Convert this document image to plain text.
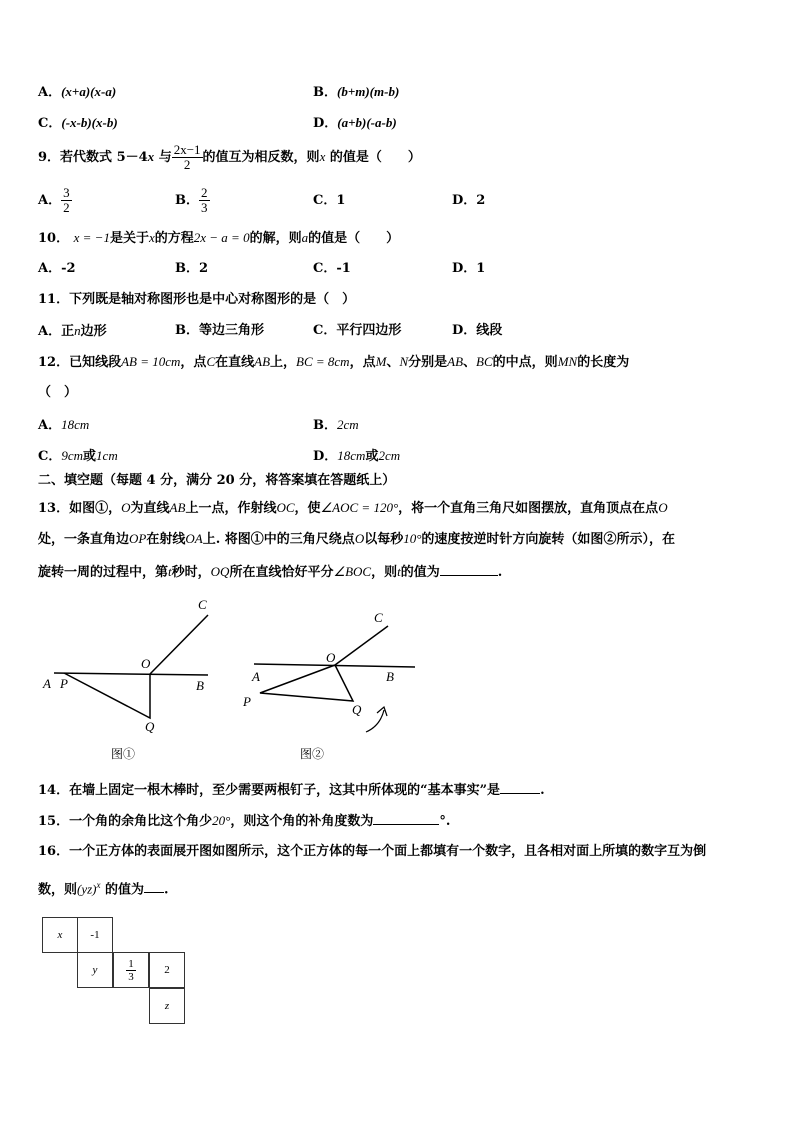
A．(x+a)(x-a)	B．(b+m)(m-b)
C．(-x-b)(x-b)	D．(a+b)(-a-b)
9．若代数式 5－4x 与 $\frac{2x-1}{2}$ 的值互为相反数，则x 的值是（　　）
A． $\frac{3}{2}$	B． $\frac{2}{3}$	C．1	D．2
10． x = −1是关于x的方程2x − a = 0的解，则a的值是（　　）
A．-2	B．2	C．-1	D．1
11．下列既是轴对称图形也是中心对称图形的是（　）
A．正n边形	B．等边三角形	C．平行四边形	D．线段
12．已知线段AB = 10cm，点C在直线AB上，BC = 8cm，点M、N分别是AB、BC的中点，则MN的长度为
（　）
A．18cm	B．2cm
C．9cm或1cm	D．18cm或2cm
二、填空题（每题 4 分，满分 20 分，将答案填在答题纸上）
13．如图①，O为直线AB上一点，作射线OC，使∠AOC = 120°，将一个直角三角尺如图摆放，直角顶点在点O
处，一条直角边OP在射线OA上. 将图①中的三角尺绕点O以每秒10°的速度按逆时针方向旋转（如图②所示），在
旋转一周的过程中，第t秒时，OQ所在直线恰好平分∠BOC，则t的值为	.
A P
O
B
C
Q
A
P
O
B
C
Q
图①	图②
14．在墙上固定一根木棒时，至少需要两根钉子，这其中所体现的“基本事实”是	.
15．一个角的余角比这个角少20°，则这个角的补角度数为	°.
16．一个正方体的表面展开图如图所示，这个正方体的每一个面上都填有一个数字，且各相对面上所填的数字互为倒
数，则(yz)$^x$ 的值为 .
x	-1
y	$\frac{1}{3}$	2
z
